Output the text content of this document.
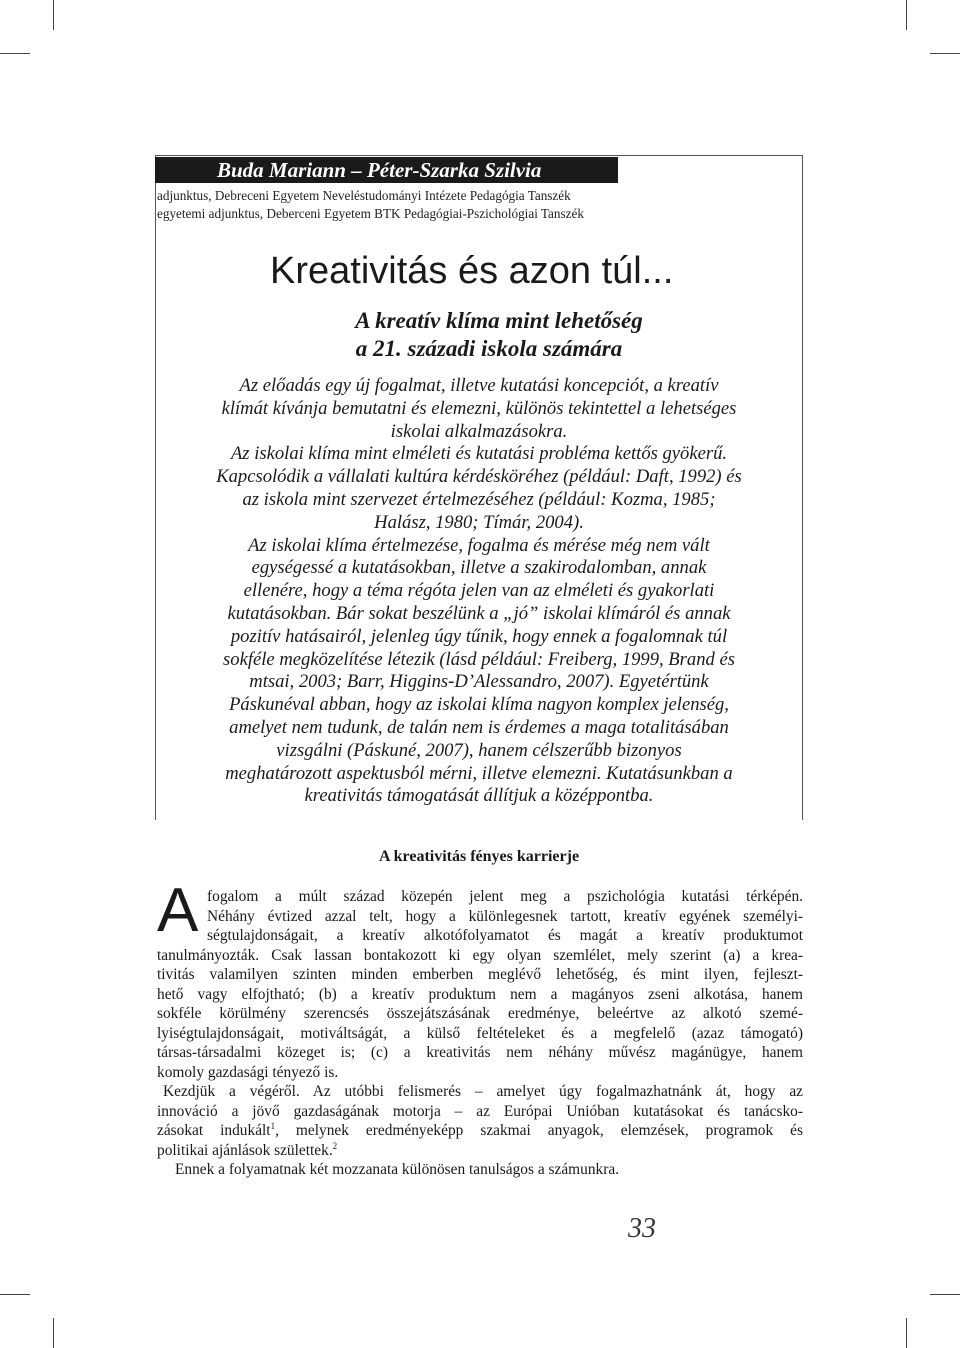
Buda Mariann – Péter-Szarka Szilvia
adjunktus, Debreceni Egyetem Neveléstudományi Intézete Pedagógia Tanszék
egyetemi adjunktus, Deberceni Egyetem BTK Pedagógiai-Pszichológiai Tanszék
Kreativitás és azon túl...
A kreatív klíma mint lehetőség
a 21. századi iskola számára
Az előadás egy új fogalmat, illetve kutatási koncepciót, a kreatív
klímát kívánja bemutatni és elemezni, különös tekintettel a lehetséges
iskolai alkalmazásokra.
Az iskolai klíma mint elméleti és kutatási probléma kettős gyökerű.
Kapcsolódik a vállalati kultúra kérdésköréhez (például: Daft, 1992) és
az iskola mint szervezet értelmezéséhez (például: Kozma, 1985;
Halász, 1980; Tímár, 2004).
Az iskolai klíma értelmezése, fogalma és mérése még nem vált
egységessé a kutatásokban, illetve a szakirodalomban, annak
ellenére, hogy a téma régóta jelen van az elméleti és gyakorlati
kutatásokban. Bár sokat beszélünk a „jó” iskolai klímáról és annak
pozitív hatásairól, jelenleg úgy tűnik, hogy ennek a fogalomnak túl
sokféle megközelítése létezik (lásd például: Freiberg, 1999, Brand és
mtsai, 2003; Barr, Higgins-D’Alessandro, 2007). Egyetértünk
Páskunéval abban, hogy az iskolai klíma nagyon komplex jelenség,
amelyet nem tudunk, de talán nem is érdemes a maga totalitásában
vizsgálni (Páskuné, 2007), hanem célszerűbb bizonyos
meghatározott aspektusból mérni, illetve elemezni. Kutatásunkban a
kreativitás támogatását állítjuk a középpontba.
A kreativitás fényes karrierje
A fogalom a múlt század közepén jelent meg a pszichológia kutatási térképén.
Néhány évtized azzal telt, hogy a különlegesnek tartott, kreatív egyének személyi-
ségtulajdonságait, a kreatív alkotófolyamatot és magát a kreatív produktumot
tanulmányozták. Csak lassan bontakozott ki egy olyan szemlélet, mely szerint (a) a krea-
tivitás valamilyen szinten minden emberben meglévő lehetőség, és mint ilyen, fejleszt-
hető vagy elfojtható; (b) a kreatív produktum nem a magányos zseni alkotása, hanem
sokféle körülmény szerencsés összejátszásának eredménye, beleértve az alkotó szemé-
lyiségtulajdonságait, motiváltságát, a külső feltételeket és a megfelelő (azaz támogató)
társas-társadalmi közeget is; (c) a kreativitás nem néhány művész magánügye, hanem
komoly gazdasági tényező is.
Kezdjük a végéről. Az utóbbi felismerés – amelyet úgy fogalmazhatnánk át, hogy az
innováció a jövő gazdaságának motorja – az Európai Unióban kutatásokat és tanácsko-
zásokat indukált$^1$, melynek eredményeképp szakmai anyagok, elemzések, programok és
politikai ajánlások születtek.$^2$
Ennek a folyamatnak két mozzanata különösen tanulságos a számunkra.
33
